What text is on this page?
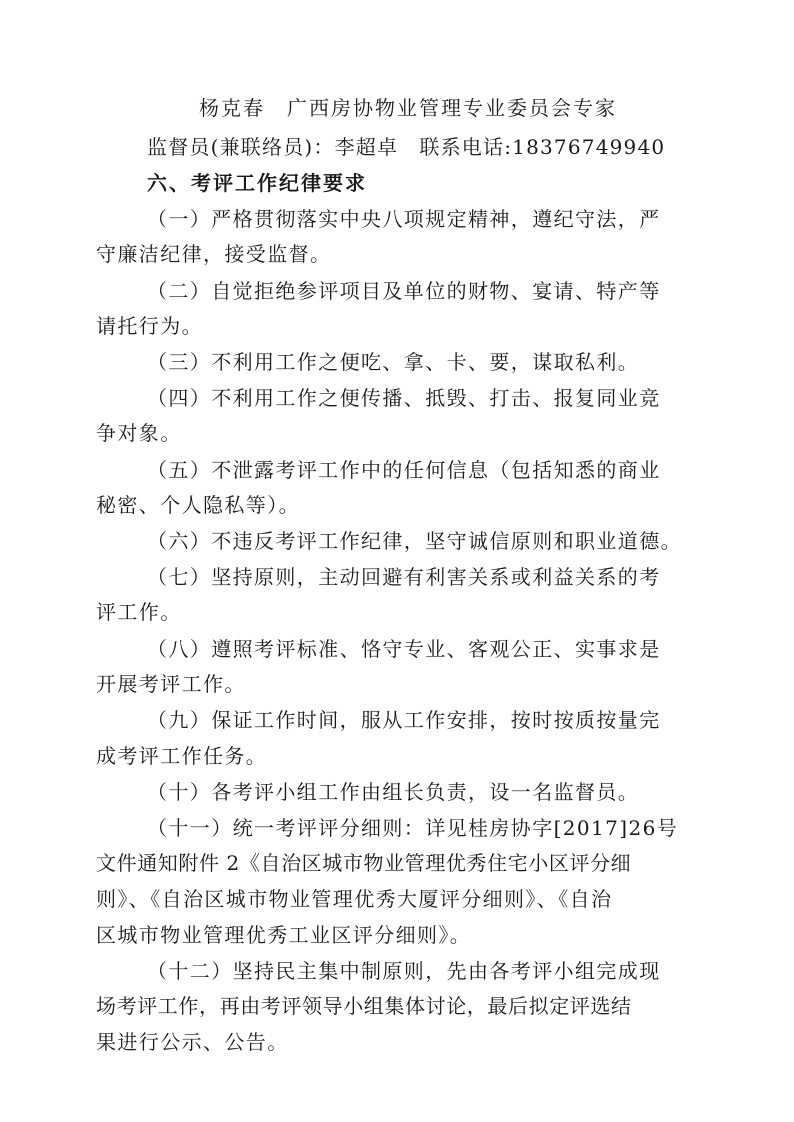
杨克春　广西房协物业管理专业委员会专家
监督员(兼联络员)：李超卓　联系电话:18376749940
六、考评工作纪律要求
（一）严格贯彻落实中央八项规定精神，遵纪守法，严
守廉洁纪律，接受监督。
（二）自觉拒绝参评项目及单位的财物、宴请、特产等
请托行为。
（三）不利用工作之便吃、拿、卡、要，谋取私利。
（四）不利用工作之便传播、抵毁、打击、报复同业竞
争对象。
（五）不泄露考评工作中的任何信息（包括知悉的商业
秘密、个人隐私等）。
（六）不违反考评工作纪律，坚守诚信原则和职业道德。
（七）坚持原则，主动回避有利害关系或利益关系的考
评工作。
（八）遵照考评标准、恪守专业、客观公正、实事求是
开展考评工作。
（九）保证工作时间，服从工作安排，按时按质按量完
成考评工作任务。
（十）各考评小组工作由组长负责，设一名监督员。
（十一）统一考评评分细则：详见桂房协字[2017]26号
文件通知附件 2《自治区城市物业管理优秀住宅小区评分细
则》、《自治区城市物业管理优秀大厦评分细则》、《自治
区城市物业管理优秀工业区评分细则》。
（十二）坚持民主集中制原则，先由各考评小组完成现
场考评工作，再由考评领导小组集体讨论，最后拟定评选结
果进行公示、公告。
